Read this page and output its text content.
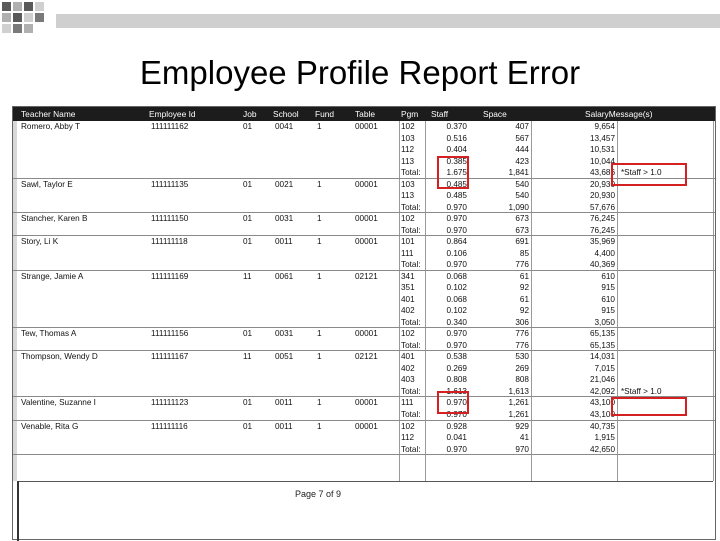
Employee Profile Report Error
Teacher Name	Employee Id	Job School Fund Table	Pgm Staff	Space	SalaryMessage(s)
Romero, Abby T	111111162	01	0041	1	00001	102	0.370	407	9,654
103	0.516	567	13,457
112	0.404	444	10,531
113	0.385	423	10,044
Total:	1.675	1,841	43,686 *Staff > 1.0
Sawl, Taylor E	111111135	01	0021	1	00001	103	0.485	540	20,930
113	0.485	540	20,930
Total:	0.970	1,090	57,676
Stancher, Karen B	111111150	01	0031	1	00001	102	0.970	673	76,245
Total:	0.970	673	76,245
Story, Li K	111111118	01	0011	1	00001	101	0.864	691	35,969
111	0.106	85	4,400
Total:	0.970	776	40,369
Strange, Jamie A	111111169	11	0061	1	02121	341	0.068	61	610
351	0.102	92	915
401	0.068	61	610
402	0.102	92	915
Total:	0.340	306	3,050
Tew, Thomas A	111111156	01	0031	1	00001	102	0.970	776	65,135
Total:	0.970	776	65,135
Thompson, Wendy D	111111167	11	0051	1	02121	401	0.538	530	14,031
402	0.269	269	7,015
403	0.808	808	21,046
Total:	1.613	1,613	42,092 *Staff > 1.0
Valentine, Suzanne I	111111123	01	0011	1	00001	111	0.970	1,261	43,100
Total:	0.970	1,261	43,100
Venable, Rita G	111111116	01	0011	1	00001	102	0.928	929	40,735
112	0.041	41	1,915
Total:	0.970	970	42,650
Page 7 of 9
